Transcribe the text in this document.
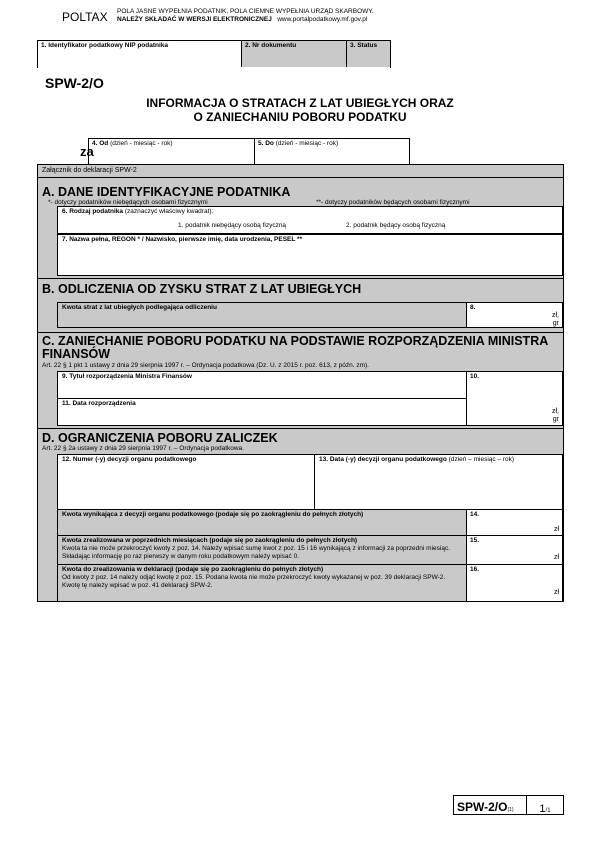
POLTAX POLA JASNE WYPEŁNIA PODATNIK, POLA CIEMNE WYPEŁNIA URZĄD SKARBOWY.
NALEŻY SKŁADAĆ W WERSJI ELEKTRONICZNEJ www.portalpodatkowy.mf.gov.pl
1. Identyfikator podatkowy NIP podatnika	2. Nr dokumentu	3. Status
SPW-2/O
INFORMACJA O STRATACH Z LAT UBIEGŁYCH ORAZ
O ZANIECHANIU POBORU PODATKU
za
4. Od (dzień - miesiąc - rok)	5. Do (dzień - miesiąc - rok)
Załącznik do deklaracji SPW-2
A. DANE IDENTYFIKACYJNE PODATNIKA
*- dotyczy podatników niebędących osobami fizycznymi	**- dotyczy podatników będących osobami fizycznymi
6. Rodzaj podatnika (zaznaczyć właściwy kwadrat):
1. podatnik niebędący osobą fizyczną	2. podatnik będący osobą fizyczną
7. Nazwa pełna, REGON * / Nazwisko, pierwsze imię, data urodzenia, PESEL **
B. ODLICZENIA OD ZYSKU STRAT Z LAT UBIEGŁYCH
Kwota strat z lat ubiegłych podlegająca odliczeniu	8.
zł,
gr
C. ZANIECHANIE POBORU PODATKU NA PODSTAWIE ROZPORZĄDZENIA MINISTRA
FINANSÓW
Art. 22 § 1 pkt 1 ustawy z dnia 29 sierpnia 1997 r. – Ordynacja podatkowa (Dz. U. z 2015 r. poz. 613, z późn. zm).
9. Tytuł rozporządzenia Ministra Finansów
11. Data rozporządzenia
10.
zł,
gr
D. OGRANICZENIA POBORU ZALICZEK
Art. 22 § 2a ustawy z dnia 29 sierpnia 1997 r. – Ordynacja podatkowa.
12. Numer (-y) decyzji organu podatkowego	13. Data (-y) decyzji organu podatkowego (dzień – miesiąc – rok)
Kwota wynikająca z decyzji organu podatkowego (podaje się po zaokrągleniu do pełnych złotych)	14.
zł
Kwota zrealizowana w poprzednich miesiącach (podaje się po zaokrągleniu do pełnych złotych)
Kwota ta nie może przekroczyć kwoty z poz. 14. Należy wpisać sumę kwot z poz. 15 i 16 wynikającą z informacji za poprzedni miesiąc. Składając informację po raz pierwszy w danym roku podatkowym należy wpisać 0.
15.
zł
Kwota do zrealizowania w deklaracji (podaje się po zaokrągleniu do pełnych złotych)
Od kwoty z poz. 14 należy odjąć kwotę z poz. 15. Podana kwota nie może przekroczyć kwoty wykazanej w poz. 39 deklaracji SPW-2. Kwotę tę należy wpisać w poz. 41 deklaracji SPW-2.
16.
zł
SPW-2/O(1)	1/1
